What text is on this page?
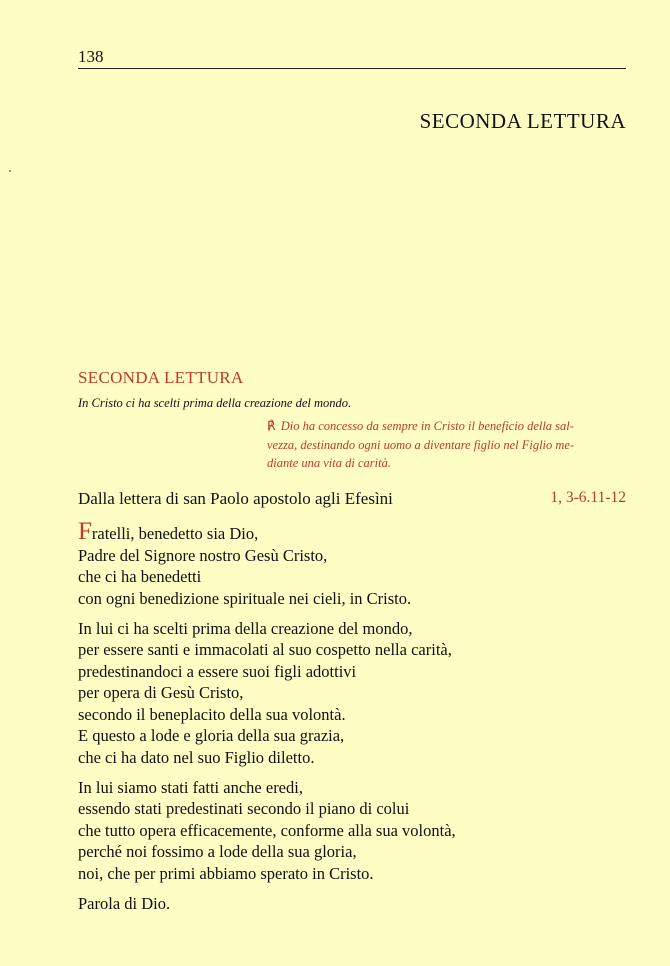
138
SECONDA LETTURA
SECONDA LETTURA
In Cristo ci ha scelti prima della creazione del mondo.
℟ Dio ha concesso da sempre in Cristo il beneficio della sal-
vezza, destinando ogni uomo a diventare figlio nel Figlio me-
diante una vita di carità.
Dalla lettera di san Paolo apostolo agli Efesìni	1, 3-6.11-12
Fratelli, benedetto sia Dio,
Padre del Signore nostro Gesù Cristo,
che ci ha benedetti
con ogni benedizione spirituale nei cieli, in Cristo.
In lui ci ha scelti prima della creazione del mondo,
per essere santi e immacolati al suo cospetto nella carità,
predestinandoci a essere suoi figli adottivi
per opera di Gesù Cristo,
secondo il beneplacito della sua volontà.
E questo a lode e gloria della sua grazia,
che ci ha dato nel suo Figlio diletto.
In lui siamo stati fatti anche eredi,
essendo stati predestinati secondo il piano di colui
che tutto opera efficacemente, conforme alla sua volontà,
perché noi fossimo a lode della sua gloria,
noi, che per primi abbiamo sperato in Cristo.
Parola di Dio.
